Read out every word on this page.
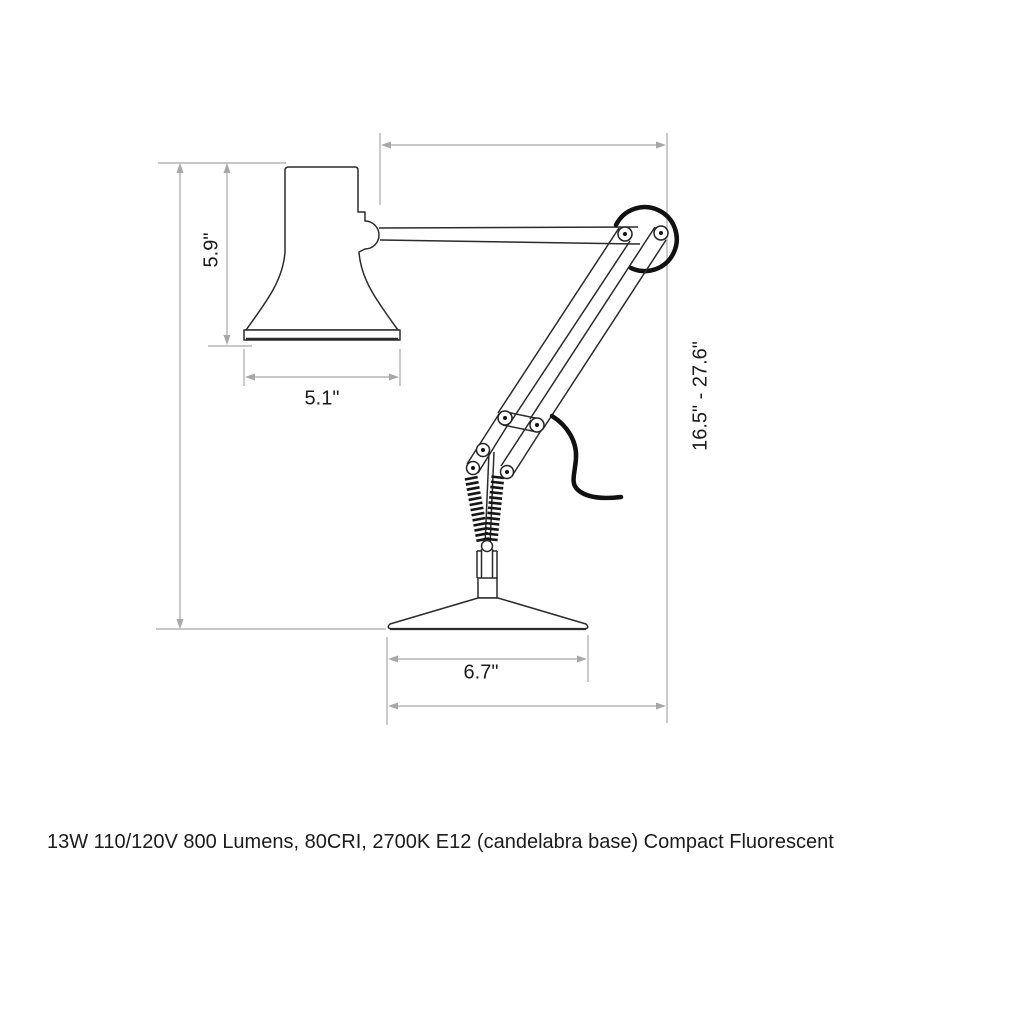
5.9"
5.1"
6.7"
16.5" - 27.6"
13W 110/120V 800 Lumens, 80CRI, 2700K E12 (candelabra base) Compact Fluorescent
